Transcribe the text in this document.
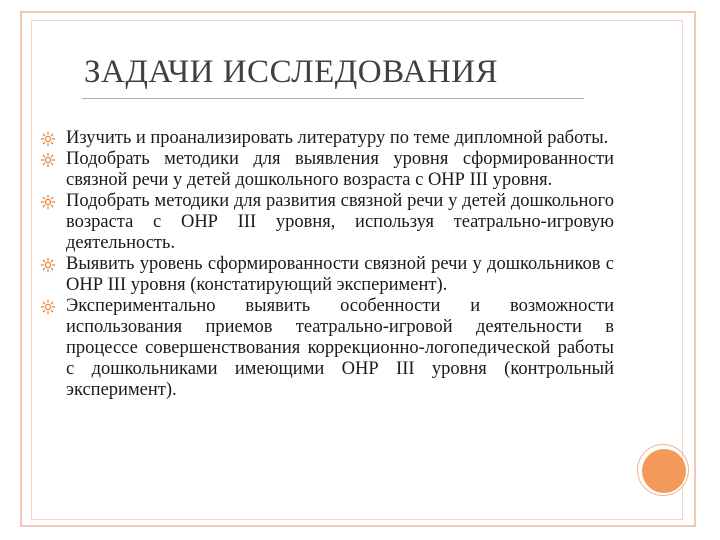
ЗАДАЧИ ИССЛЕДОВАНИЯ
Изучить и проанализировать литературу по теме дипломной работы.
Подобрать методики для выявления уровня сформированности связной речи у детей дошкольного возраста с ОНР III уровня.
Подобрать методики для развития связной речи у детей дошкольного возраста с ОНР III уровня, используя театрально-игровую деятельность.
Выявить уровень сформированности связной речи у дошкольников с ОНР III уровня (констатирующий эксперимент).
Экспериментально выявить особенности и возможности использования приемов театрально-игровой деятельности в процессе совершенствования коррекционно-логопедической работы с дошкольниками имеющими ОНР III уровня (контрольный эксперимент).
